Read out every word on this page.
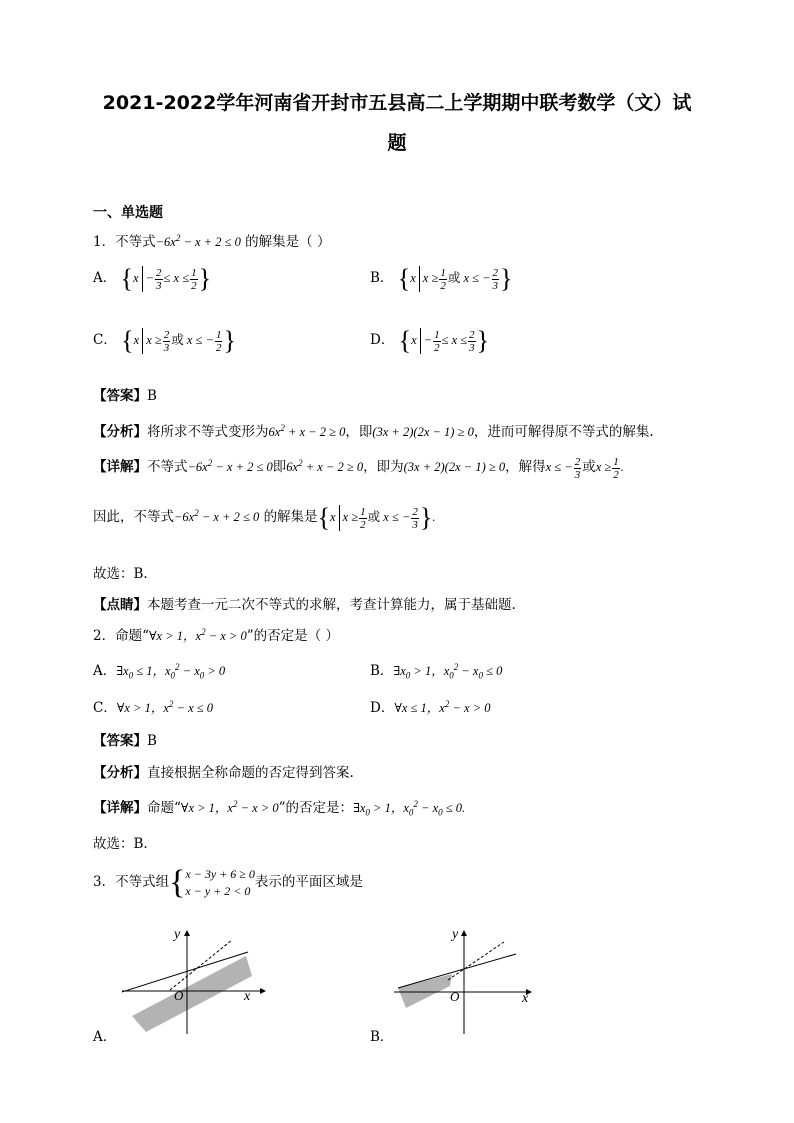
2021-2022学年河南省开封市五县高二上学期期中联考数学（文）试
题
一、单选题
1．不等式$-6x^2 - x + 2 \le 0$ 的解集是（ ）
A． {$x - \frac{2}{3} \le x \le \frac{1}{2}$ }	B． {x $x \ge \frac{1}{2}$ 或 x ≤ − $\frac{2}{3}$ }
C． {x $x \ge \frac{2}{3}$ 或 x ≤ − $\frac{1}{2}$ }	D． {$x - \frac{1}{2} \le x \le \frac{2}{3}$ }
【答案】B
【分析】将所求不等式变形为$6x^2 + x - 2 \ge 0$，即(3x + 2)(2x − 1) ≥ 0，进而可解得原不等式的解集.
【详解】不等式$-6x^2 - x + 2 \le 0$即$6x^2 + x - 2 \ge 0$，即为(3x + 2)(2x − 1) ≥ 0，解得x ≤ − $\frac{2}{3}$ 或$x \ge \frac{1}{2}$ .
因此，不等式$-6x^2 - x + 2 \le 0$ 的解集是{x $x \ge \frac{1}{2}$ 或 x ≤ − $\frac{2}{3}$ }.
故选：B.
【点睛】本题考查一元二次不等式的求解，考查计算能力，属于基础题.
2．命题“∀x > 1，$x^2 - x > 0$”的否定是（ ）
A．$\exists x_0 \le 1$，$x_0^2 - x_0 > 0$	B．$\exists x_0 > 1$，$x_0^2 - x_0 \le 0$
C．∀x > 1，$x^2 - x \le 0$	D．∀x ≤ 1，$x^2 - x > 0$
【答案】B
【分析】直接根据全称命题的否定得到答案.
【详解】命题“∀x > 1，$x^2 - x > 0$”的否定是：$\exists x_0 > 1$，$x_0^2 - x_0 \le 0$.
故选：B.
3．不等式组{ x − 3y + 6 ≥ 0
x − y + 2 < 0
表示的平面区域是
y
x
O
A．
y
x
O
B．
